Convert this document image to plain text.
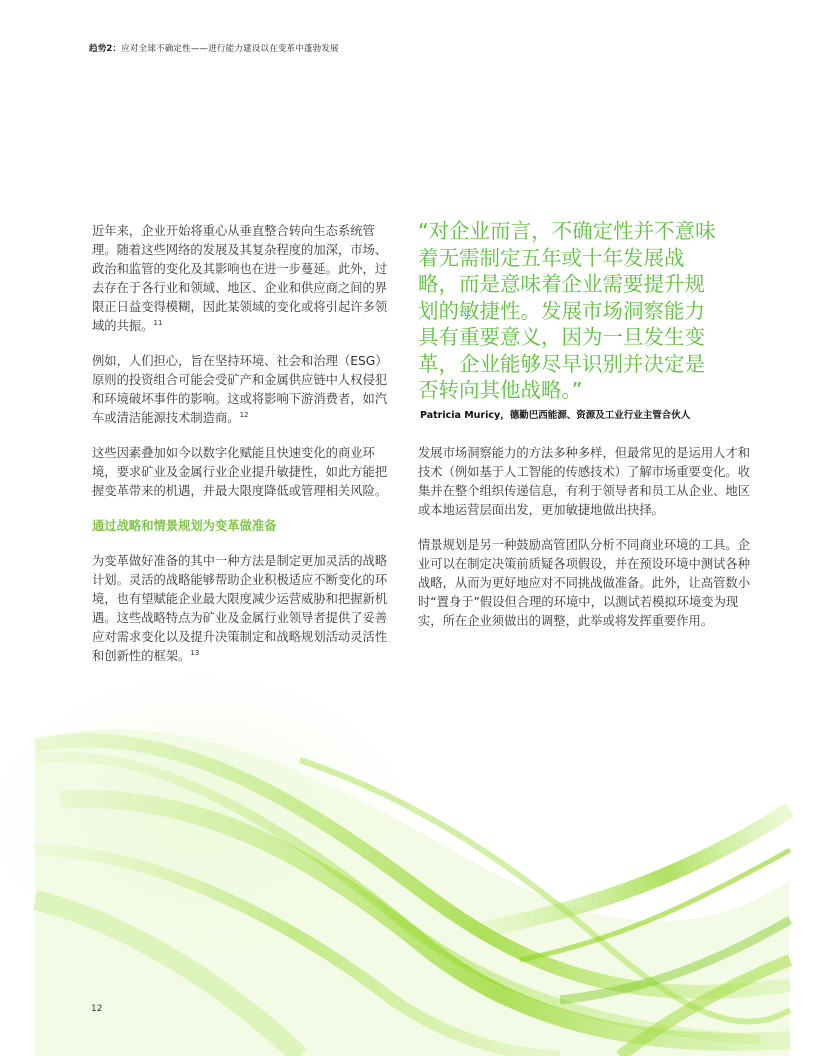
趋势2：应对全球不确定性——进行能力建设以在变革中蓬勃发展

近年来，企业开始将重心从垂直整合转向生态系统管理。随着这些网络的发展及其复杂程度的加深，市场、政治和监管的变化及其影响也在进一步蔓延。此外，过去存在于各行业和领域、地区、企业和供应商之间的界限正日益变得模糊，因此某领域的变化或将引起许多领域的共振。$^{11}$

例如，人们担心，旨在坚持环境、社会和治理（ESG）原则的投资组合可能会受矿产和金属供应链中人权侵犯和环境破坏事件的影响。这或将影响下游消费者，如汽车或清洁能源技术制造商。$^{12}$

这些因素叠加如今以数字化赋能且快速变化的商业环境，要求矿业及金属行业企业提升敏捷性，如此方能把握变革带来的机遇，并最大限度降低或管理相关风险。

通过战略和情景规划为变革做准备

为变革做好准备的其中一种方法是制定更加灵活的战略计划。灵活的战略能够帮助企业积极适应不断变化的环境，也有望赋能企业最大限度减少运营威胁和把握新机遇。这些战略特点为矿业及金属行业领导者提供了妥善应对需求变化以及提升决策制定和战略规划活动灵活性和创新性的框架。$^{13}$

“对企业而言，不确定性并不意味着无需制定五年或十年发展战略，而是意味着企业需要提升规划的敏捷性。发展市场洞察能力具有重要意义，因为一旦发生变革，企业能够尽早识别并决定是否转向其他战略。”
Patricia Muricy，德勤巴西能源、资源及工业行业主管合伙人

发展市场洞察能力的方法多种多样，但最常见的是运用人才和技术（例如基于人工智能的传感技术）了解市场重要变化。收集并在整个组织传递信息，有利于领导者和员工从企业、地区或本地运营层面出发，更加敏捷地做出抉择。

情景规划是另一种鼓励高管团队分析不同商业环境的工具。企业可以在制定决策前质疑各项假设，并在预设环境中测试各种战略，从而为更好地应对不同挑战做准备。此外，让高管数小时“置身于”假设但合理的环境中，以测试若模拟环境变为现实，所在企业须做出的调整，此举或将发挥重要作用。

12
